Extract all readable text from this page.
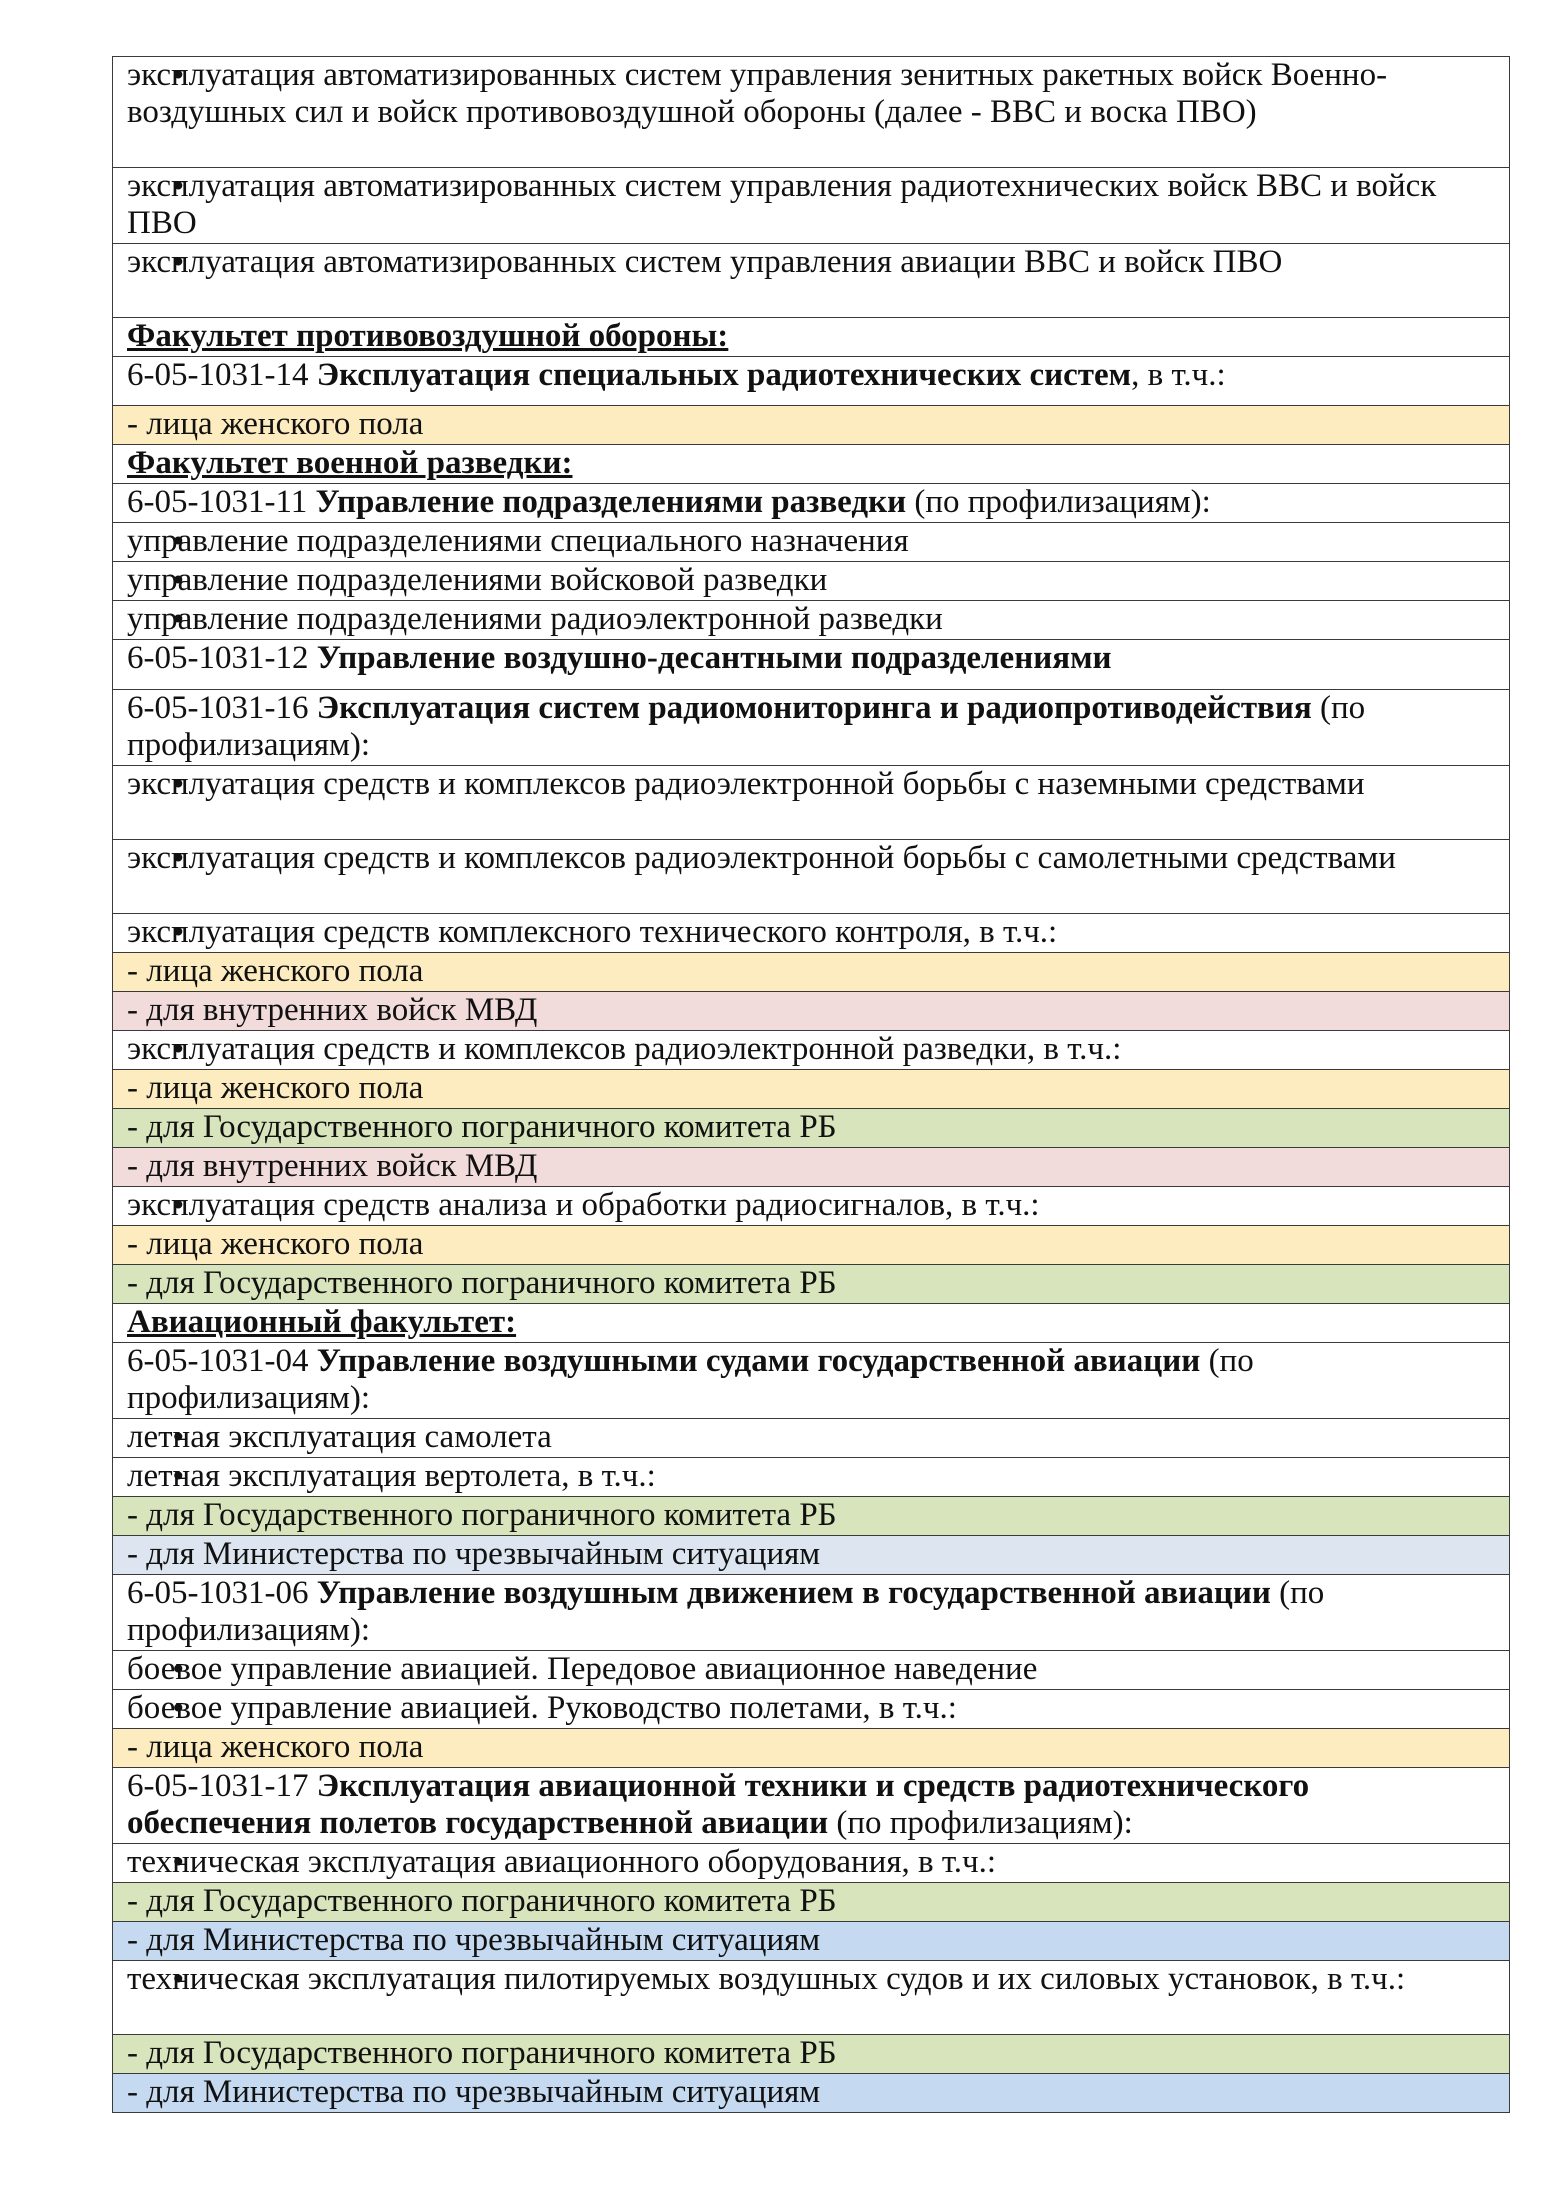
• эксплуатация автоматизированных систем управления зенитных ракетных войск Военно-воздушных сил и войск противовоздушной обороны (далее - ВВС и воска ПВО)
• эксплуатация автоматизированных систем управления радиотехнических войск ВВС и войск ПВО
• эксплуатация автоматизированных систем управления авиации ВВС и войск ПВО
Факультет противовоздушной обороны:
6-05-1031-14 Эксплуатация специальных радиотехнических систем, в т.ч.:
- лица женского пола
Факультет военной разведки:
6-05-1031-11 Управление подразделениями разведки (по профилизациям):
• управление подразделениями специального назначения
• управление подразделениями войсковой разведки
• управление подразделениями радиоэлектронной разведки
6-05-1031-12 Управление воздушно-десантными подразделениями
6-05-1031-16 Эксплуатация систем радиомониторинга и радиопротиводействия (по профилизациям):
• эксплуатация средств и комплексов радиоэлектронной борьбы с наземными средствами
• эксплуатация средств и комплексов радиоэлектронной борьбы с самолетными средствами
• эксплуатация средств комплексного технического контроля, в т.ч.:
- лица женского пола
- для внутренних войск МВД
• эксплуатация средств и комплексов радиоэлектронной разведки, в т.ч.:
- лица женского пола
- для Государственного пограничного комитета РБ
- для внутренних войск МВД
• эксплуатация средств анализа и обработки радиосигналов, в т.ч.:
- лица женского пола
- для Государственного пограничного комитета РБ
Авиационный факультет:
6-05-1031-04 Управление воздушными судами государственной авиации (по профилизациям):
• летная эксплуатация самолета
• летная эксплуатация вертолета, в т.ч.:
- для Государственного пограничного комитета РБ
- для Министерства по чрезвычайным ситуациям
6-05-1031-06 Управление воздушным движением в государственной авиации (по профилизациям):
• боевое управление авиацией. Передовое авиационное наведение
• боевое управление авиацией. Руководство полетами, в т.ч.:
- лица женского пола
6-05-1031-17 Эксплуатация авиационной техники и средств радиотехнического обеспечения полетов государственной авиации (по профилизациям):
• техническая эксплуатация авиационного оборудования, в т.ч.:
- для Государственного пограничного комитета РБ
- для Министерства по чрезвычайным ситуациям
• техническая эксплуатация пилотируемых воздушных судов и их силовых установок, в т.ч.:
- для Государственного пограничного комитета РБ
- для Министерства по чрезвычайным ситуациям
